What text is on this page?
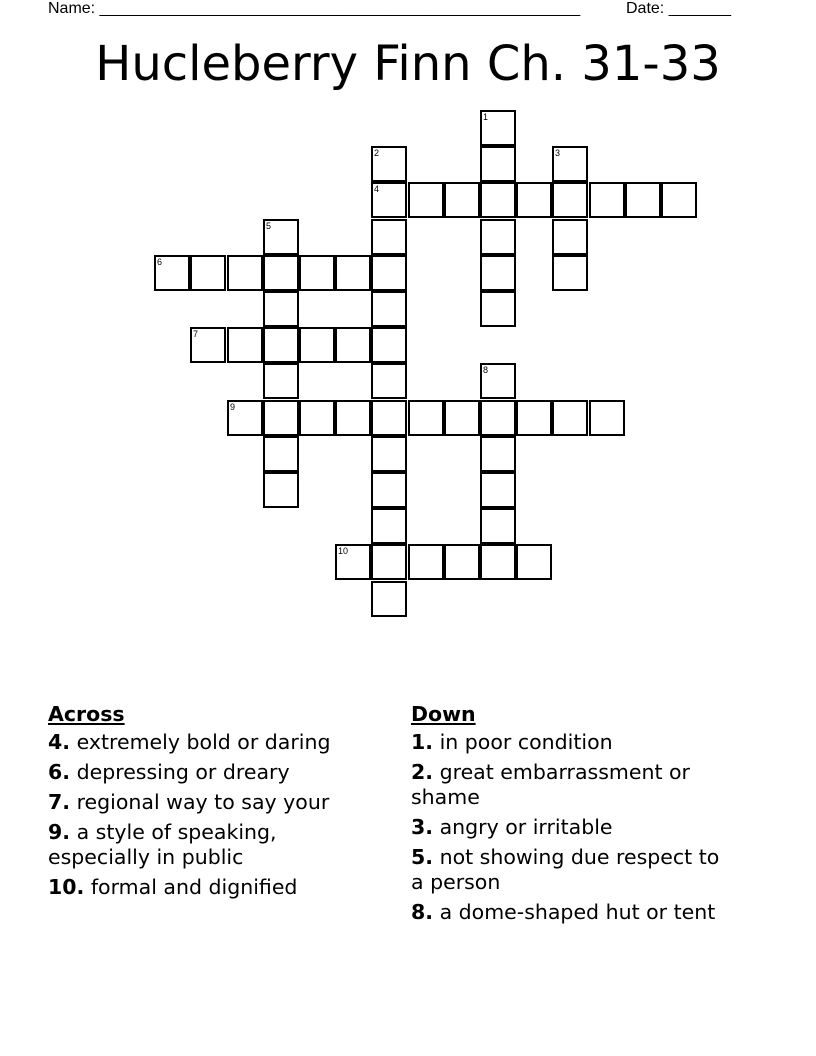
Name: ______________________________________________________	Date: _______
Hucleberry Finn Ch. 31-33
1
2	3
4
5
6
7
8
9
10
Across
4. extremely bold or daring
6. depressing or dreary
7. regional way to say your
9. a style of speaking, especially in public
10. formal and dignified
Down
1. in poor condition
2. great embarrassment or shame
3. angry or irritable
5. not showing due respect to a person
8. a dome-shaped hut or tent
